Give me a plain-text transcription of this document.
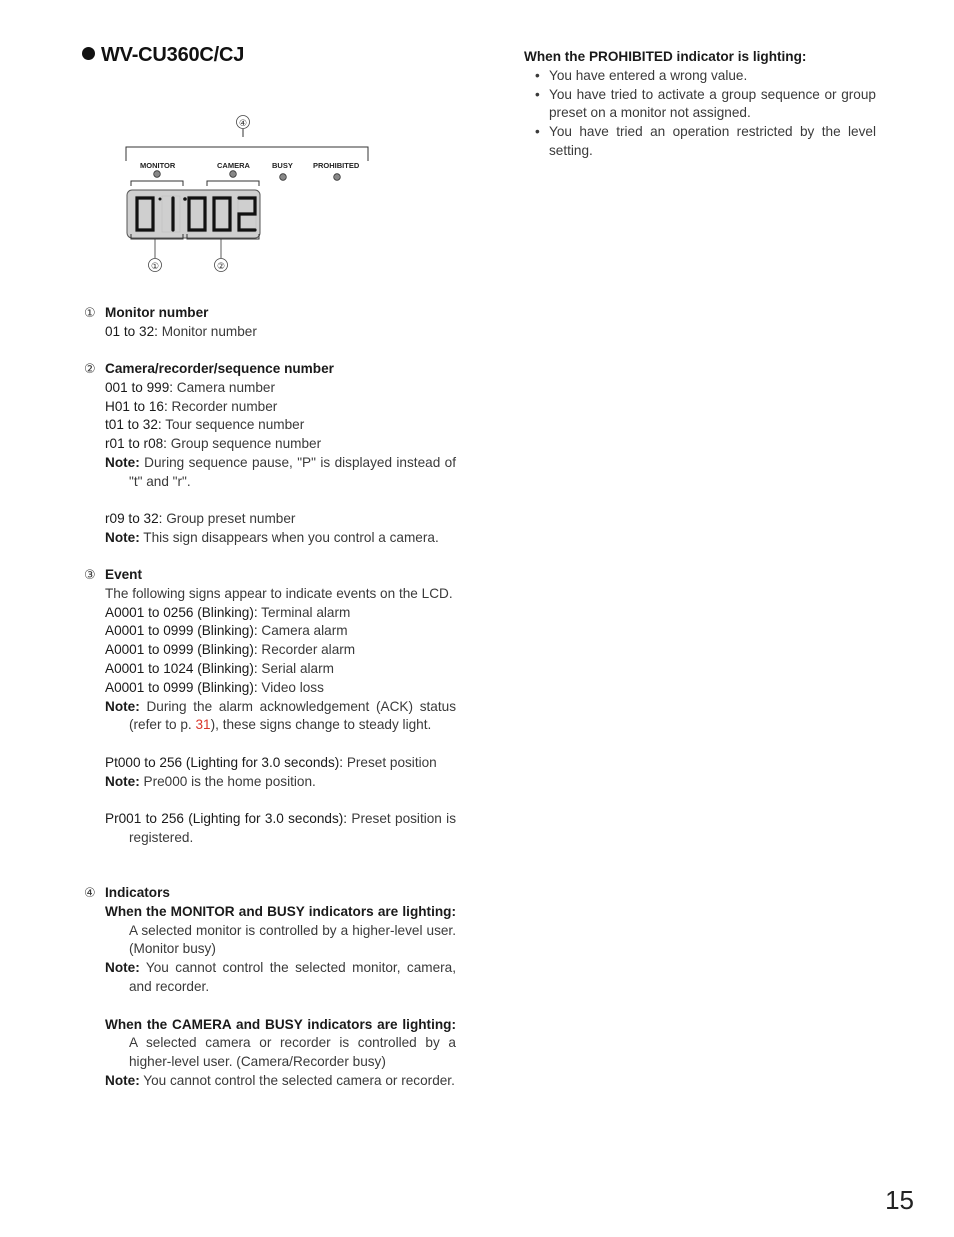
WV-CU360C/CJ
④
MONITOR	CAMERA	BUSY	PROHIBITED
①	②
① Monitor number
01 to 32: Monitor number
② Camera/recorder/sequence number
001 to 999: Camera number
H01 to 16: Recorder number
t01 to 32: Tour sequence number
r01 to r08: Group sequence number
Note: During sequence pause, "P" is displayed instead of "t" and "r".
r09 to 32: Group preset number
Note: This sign disappears when you control a camera.
③ Event
The following signs appear to indicate events on the LCD.
A0001 to 0256 (Blinking): Terminal alarm
A0001 to 0999 (Blinking): Camera alarm
A0001 to 0999 (Blinking): Recorder alarm
A0001 to 1024 (Blinking): Serial alarm
A0001 to 0999 (Blinking): Video loss
Note: During the alarm acknowledgement (ACK) status (refer to p. 31), these signs change to steady light.
Pt000 to 256 (Lighting for 3.0 seconds): Preset position
Note: Pre000 is the home position.
Pr001 to 256 (Lighting for 3.0 seconds): Preset position is registered.
④ Indicators
When the MONITOR and BUSY indicators are lighting: A selected monitor is controlled by a higher-level user. (Monitor busy)
Note: You cannot control the selected monitor, camera, and recorder.
When the CAMERA and BUSY indicators are lighting: A selected camera or recorder is controlled by a higher-level user. (Camera/Recorder busy)
Note: You cannot control the selected camera or recorder.
When the PROHIBITED indicator is lighting:
• You have entered a wrong value.
• You have tried to activate a group sequence or group preset on a monitor not assigned.
• You have tried an operation restricted by the level setting.
15
